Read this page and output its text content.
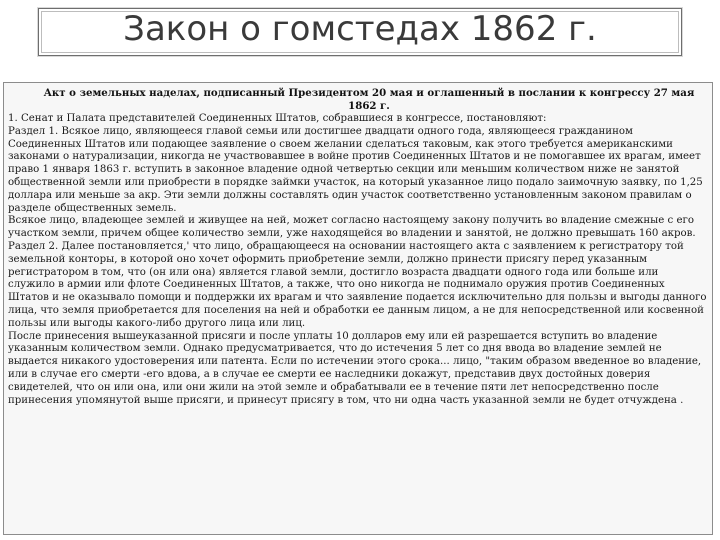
Закон о гомстедах 1862 г.
Акт о земельных наделах, подписанный Президентом 20 мая и оглашенный в послании к конгрессу 27 мая 1862 г.

1. Сенат и Палата представителей Соединенных Штатов, собравшиеся в конгрессе, постановляют:

Раздел 1. Всякое лицо, являющееся главой семьи или достигшее двадцати одного года, являющееся гражданином Соединенных Штатов или подающее заявление о своем желании сделаться таковым, как этого требуется американскими законами о натурализации, никогда не участвовавшее в войне против Соединенных Штатов и не помогавшее их врагам, имеет право 1 января 1863 г. вступить в законное владение одной четвертью секции или меньшим количеством ниже не занятой общественной земли или приобрести в порядке займки участок, на который указанное лицо подало заимочную заявку, по 1,25 доллара или меньше за акр. Эти земли должны составлять один участок соответственно установленным законом правилам о разделе общественных земель.

Всякое лицо, владеющее землей и живущее на ней, может согласно настоящему закону получить во владение смежные с его участком земли, причем общее количество земли, уже находящейся во владении и занятой, не должно превышать 160 акров.

Раздел 2. Далее постановляется,' что лицо, обращающееся на основании настоящего акта с заявлением к регистратору той земельной конторы, в которой оно хочет оформить приобретение земли, должно принести присягу перед указанным регистратором в том, что (он или она) является главой земли, достигло возраста двадцати одного года или больше или служило в армии или флоте Соединенных Штатов, а также, что оно никогда не поднимало оружия против Соединенных Штатов и не оказывало помощи и поддержки их врагам и что заявление подается исключительно для пользы и выгоды данного лица, что земля приобретается для поселения на ней и обработки ее данным лицом, а не для непосредственной или косвенной пользы или выгоды какого-либо другого лица или лиц.

После принесения вышеуказанной присяги и после уплаты 10 долларов ему или ей разрешается вступить во владение указанным количеством земли. Однако предусматривается, что до истечения 5 лет со дня ввода во владение землей не выдается никакого удостоверения или патента. Если по истечении этого срока... лицо, "таким образом введенное во владение, или в случае его смерти -его вдова, а в случае ее смерти ее наследники докажут, представив двух достойных доверия свидетелей, что он или она, или они жили на этой земле и обрабатывали ее в течение пяти лет непосредственно после принесения упомянутой выше присяги, и принесут присягу в том, что ни одна часть указанной земли не будет отчуждена .
